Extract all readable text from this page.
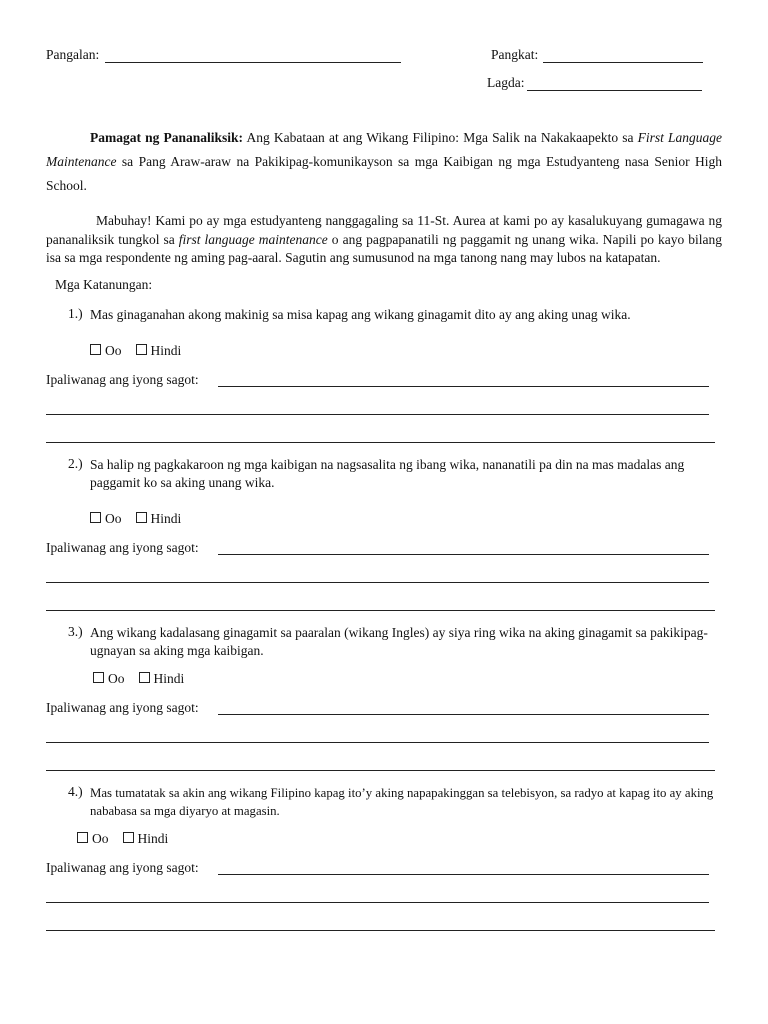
Pangalan:	Pangkat:
Lagda:
Pamagat ng Pananaliksik: Ang Kabataan at ang Wikang Filipino: Mga Salik na Nakakaapekto sa First Language Maintenance sa Pang Araw-araw na Pakikipag-komunikayson sa mga Kaibigan ng mga Estudyanteng nasa Senior High School.
Mabuhay! Kami po ay mga estudyanteng nanggagaling sa 11-St. Aurea at kami po ay kasalukuyang gumagawa ng pananaliksik tungkol sa first language maintenance o ang pagpapanatili ng paggamit ng unang wika. Napili po kayo bilang isa sa mga respondente ng aming pag-aaral. Sagutin ang sumusunod na mga tanong nang may lubos na katapatan.
Mga Katanungan:
1.) Mas ginaganahan akong makinig sa misa kapag ang wikang ginagamit dito ay ang aking unag wika.
Oo Hindi
Ipaliwanag ang iyong sagot:
2.) Sa halip ng pagkakaroon ng mga kaibigan na nagsasalita ng ibang wika, nananatili pa din na mas madalas ang paggamit ko sa aking unang wika.
Oo Hindi
Ipaliwanag ang iyong sagot:
3.) Ang wikang kadalasang ginagamit sa paaralan (wikang Ingles) ay siya ring wika na aking ginagamit sa pakikipag-ugnayan sa aking mga kaibigan.
Oo Hindi
Ipaliwanag ang iyong sagot:
4.) Mas tumatatak sa akin ang wikang Filipino kapag ito’y aking napapakinggan sa telebisyon, sa radyo at kapag ito ay aking nababasa sa mga diyaryo at magasin.
Oo Hindi
Ipaliwanag ang iyong sagot:
